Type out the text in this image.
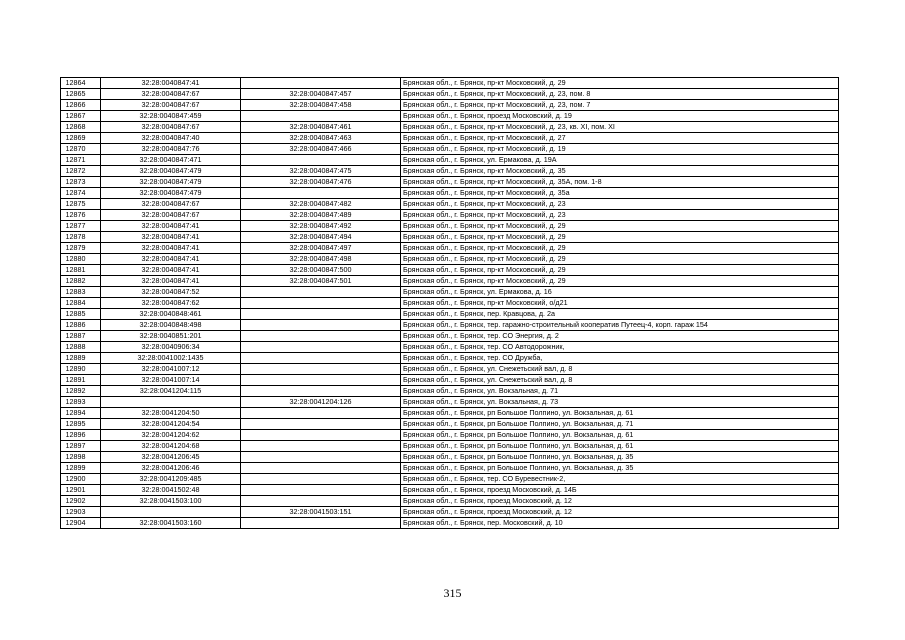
12864	32:28:0040847:41		Брянская обл., г. Брянск, пр-кт Московский, д. 29
12865	32:28:0040847:67	32:28:0040847:457	Брянская обл., г. Брянск, пр-кт Московский, д. 23, пом. 8
12866	32:28:0040847:67	32:28:0040847:458	Брянская обл., г. Брянск, пр-кт Московский, д. 23, пом. 7
12867	32:28:0040847:459		Брянская обл., г. Брянск, проезд Московский, д. 19
12868	32:28:0040847:67	32:28:0040847:461	Брянская обл., г. Брянск, пр-кт Московский, д. 23, кв. XI, пом. XI
12869	32:28:0040847:40	32:28:0040847:463	Брянская обл., г. Брянск, пр-кт Московский, д. 27
12870	32:28:0040847:76	32:28:0040847:466	Брянская обл., г. Брянск, пр-кт Московский, д. 19
12871	32:28:0040847:471		Брянская обл., г. Брянск, ул. Ермакова, д. 19А
12872	32:28:0040847:479	32:28:0040847:475	Брянская обл., г. Брянск, пр-кт Московский, д. 35
12873	32:28:0040847:479	32:28:0040847:476	Брянская обл., г. Брянск, пр-кт Московский, д. 35А, пом. 1-8
12874	32:28:0040847:479		Брянская обл., г. Брянск, пр-кт Московский, д. 35а
12875	32:28:0040847:67	32:28:0040847:482	Брянская обл., г. Брянск, пр-кт Московский, д. 23
12876	32:28:0040847:67	32:28:0040847:489	Брянская обл., г. Брянск, пр-кт Московский, д. 23
12877	32:28:0040847:41	32:28:0040847:492	Брянская обл., г. Брянск, пр-кт Московский, д. 29
12878	32:28:0040847:41	32:28:0040847:494	Брянская обл., г. Брянск, пр-кт Московский, д. 29
12879	32:28:0040847:41	32:28:0040847:497	Брянская обл., г. Брянск, пр-кт Московский, д. 29
12880	32:28:0040847:41	32:28:0040847:498	Брянская обл., г. Брянск, пр-кт Московский, д. 29
12881	32:28:0040847:41	32:28:0040847:500	Брянская обл., г. Брянск, пр-кт Московский, д. 29
12882	32:28:0040847:41	32:28:0040847:501	Брянская обл., г. Брянск, пр-кт Московский, д. 29
12883	32:28:0040847:52		Брянская обл., г. Брянск, ул. Ермакова, д. 16
12884	32:28:0040847:62		Брянская обл., г. Брянск, пр-кт Московский, о/д21
12885	32:28:0040848:461		Брянская обл., г. Брянск, пер. Кравцова, д. 2а
12886	32:28:0040848:498		Брянская обл., г. Брянск, тер. гаражно-строительный кооператив Путеец-4, корп. гараж 154
12887	32:28:0040851:201		Брянская обл., г. Брянск, тер. СО Энергия, д. 2
12888	32:28:0040906:34		Брянская обл., г. Брянск, тер. СО Автодорожник,
12889	32:28:0041002:1435		Брянская обл., г. Брянск, тер. СО Дружба,
12890	32:28:0041007:12		Брянская обл., г. Брянск, ул. Снежетьский вал, д. 8
12891	32:28:0041007:14		Брянская обл., г. Брянск, ул. Снежетьский вал, д. 8
12892	32:28:0041204:115		Брянская обл., г. Брянск, ул. Вокзальная, д. 71
12893		32:28:0041204:126	Брянская обл., г. Брянск, ул. Вокзальная, д. 73
12894	32:28:0041204:50		Брянская обл., г. Брянск, рп Большое Полпино, ул. Вокзальная, д. 61
12895	32:28:0041204:54		Брянская обл., г. Брянск, рп Большое Полпино, ул. Вокзальная, д. 71
12896	32:28:0041204:62		Брянская обл., г. Брянск, рп Большое Полпино, ул. Вокзальная, д. 61
12897	32:28:0041204:68		Брянская обл., г. Брянск, рп Большое Полпино, ул. Вокзальная, д. 61
12898	32:28:0041206:45		Брянская обл., г. Брянск, рп Большое Полпино, ул. Вокзальная, д. 35
12899	32:28:0041206:46		Брянская обл., г. Брянск, рп Большое Полпино, ул. Вокзальная, д. 35
12900	32:28:0041209:485		Брянская обл., г. Брянск, тер. СО Буревестник-2,
12901	32:28:0041502:48		Брянская обл., г. Брянск, проезд Московский, д. 14Б
12902	32:28:0041503:100		Брянская обл., г. Брянск, проезд Московский, д. 12
12903		32:28:0041503:151	Брянская обл., г. Брянск, проезд Московский, д. 12
12904	32:28:0041503:160		Брянская обл., г. Брянск, пер. Московский, д. 10
315
